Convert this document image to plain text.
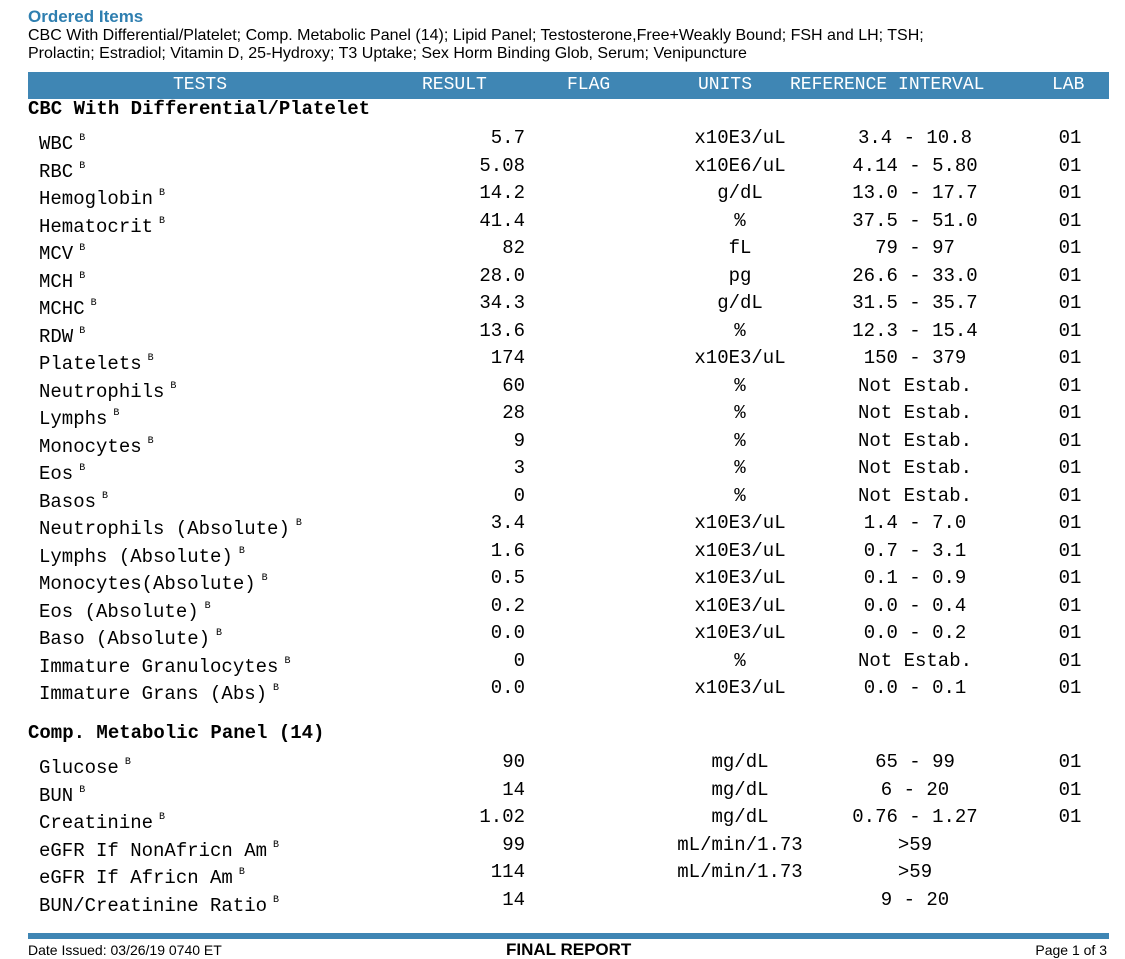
Ordered Items
CBC With Differential/Platelet; Comp. Metabolic Panel (14); Lipid Panel; Testosterone,Free+Weakly Bound; FSH and LH; TSH;
Prolactin; Estradiol; Vitamin D, 25-Hydroxy; T3 Uptake; Sex Horm Binding Glob, Serum; Venipuncture
TESTS	RESULT	FLAG	UNITS REFERENCE INTERVAL	LAB
CBC With Differential/Platelet
WBC $^B$	5.7	x10E3/uL	3.4 - 10.8	01
RBC $^B$	5.08	x10E6/uL	4.14 - 5.80	01
Hemoglobin $^B$	14.2	g/dL	13.0 - 17.7	01
Hematocrit $^B$	41.4	%	37.5 - 51.0	01
MCV $^B$	82	fL	79 - 97	01
MCH $^B$	28.0	pg	26.6 - 33.0	01
MCHC $^B$	34.3	g/dL	31.5 - 35.7	01
RDW $^B$	13.6	%	12.3 - 15.4	01
Platelets $^B$	174	x10E3/uL	150 - 379	01
Neutrophils $^B$	60	%	Not Estab.	01
Lymphs $^B$	28	%	Not Estab.	01
Monocytes $^B$	9	%	Not Estab.	01
Eos $^B$	3	%	Not Estab.	01
Basos $^B$	0	%	Not Estab.	01
Neutrophils (Absolute) $^B$	3.4	x10E3/uL	1.4 - 7.0	01
Lymphs (Absolute) $^B$	1.6	x10E3/uL	0.7 - 3.1	01
Monocytes(Absolute) $^B$	0.5	x10E3/uL	0.1 - 0.9	01
Eos (Absolute) $^B$	0.2	x10E3/uL	0.0 - 0.4	01
Baso (Absolute) $^B$	0.0	x10E3/uL	0.0 - 0.2	01
Immature Granulocytes $^B$	0	%	Not Estab.	01
Immature Grans (Abs) $^B$	0.0	x10E3/uL	0.0 - 0.1	01
Comp. Metabolic Panel (14)
Glucose $^B$	90	mg/dL	65 - 99	01
BUN $^B$	14	mg/dL	6 - 20	01
Creatinine $^B$	1.02	mg/dL	0.76 - 1.27	01
eGFR If NonAfricn Am $^B$	99	mL/min/1.73	>59
eGFR If Africn Am $^B$	114	mL/min/1.73	>59
BUN/Creatinine Ratio $^B$	14	9 - 20
Date Issued: 03/26/19 0740 ET	FINAL REPORT	Page 1 of 3
